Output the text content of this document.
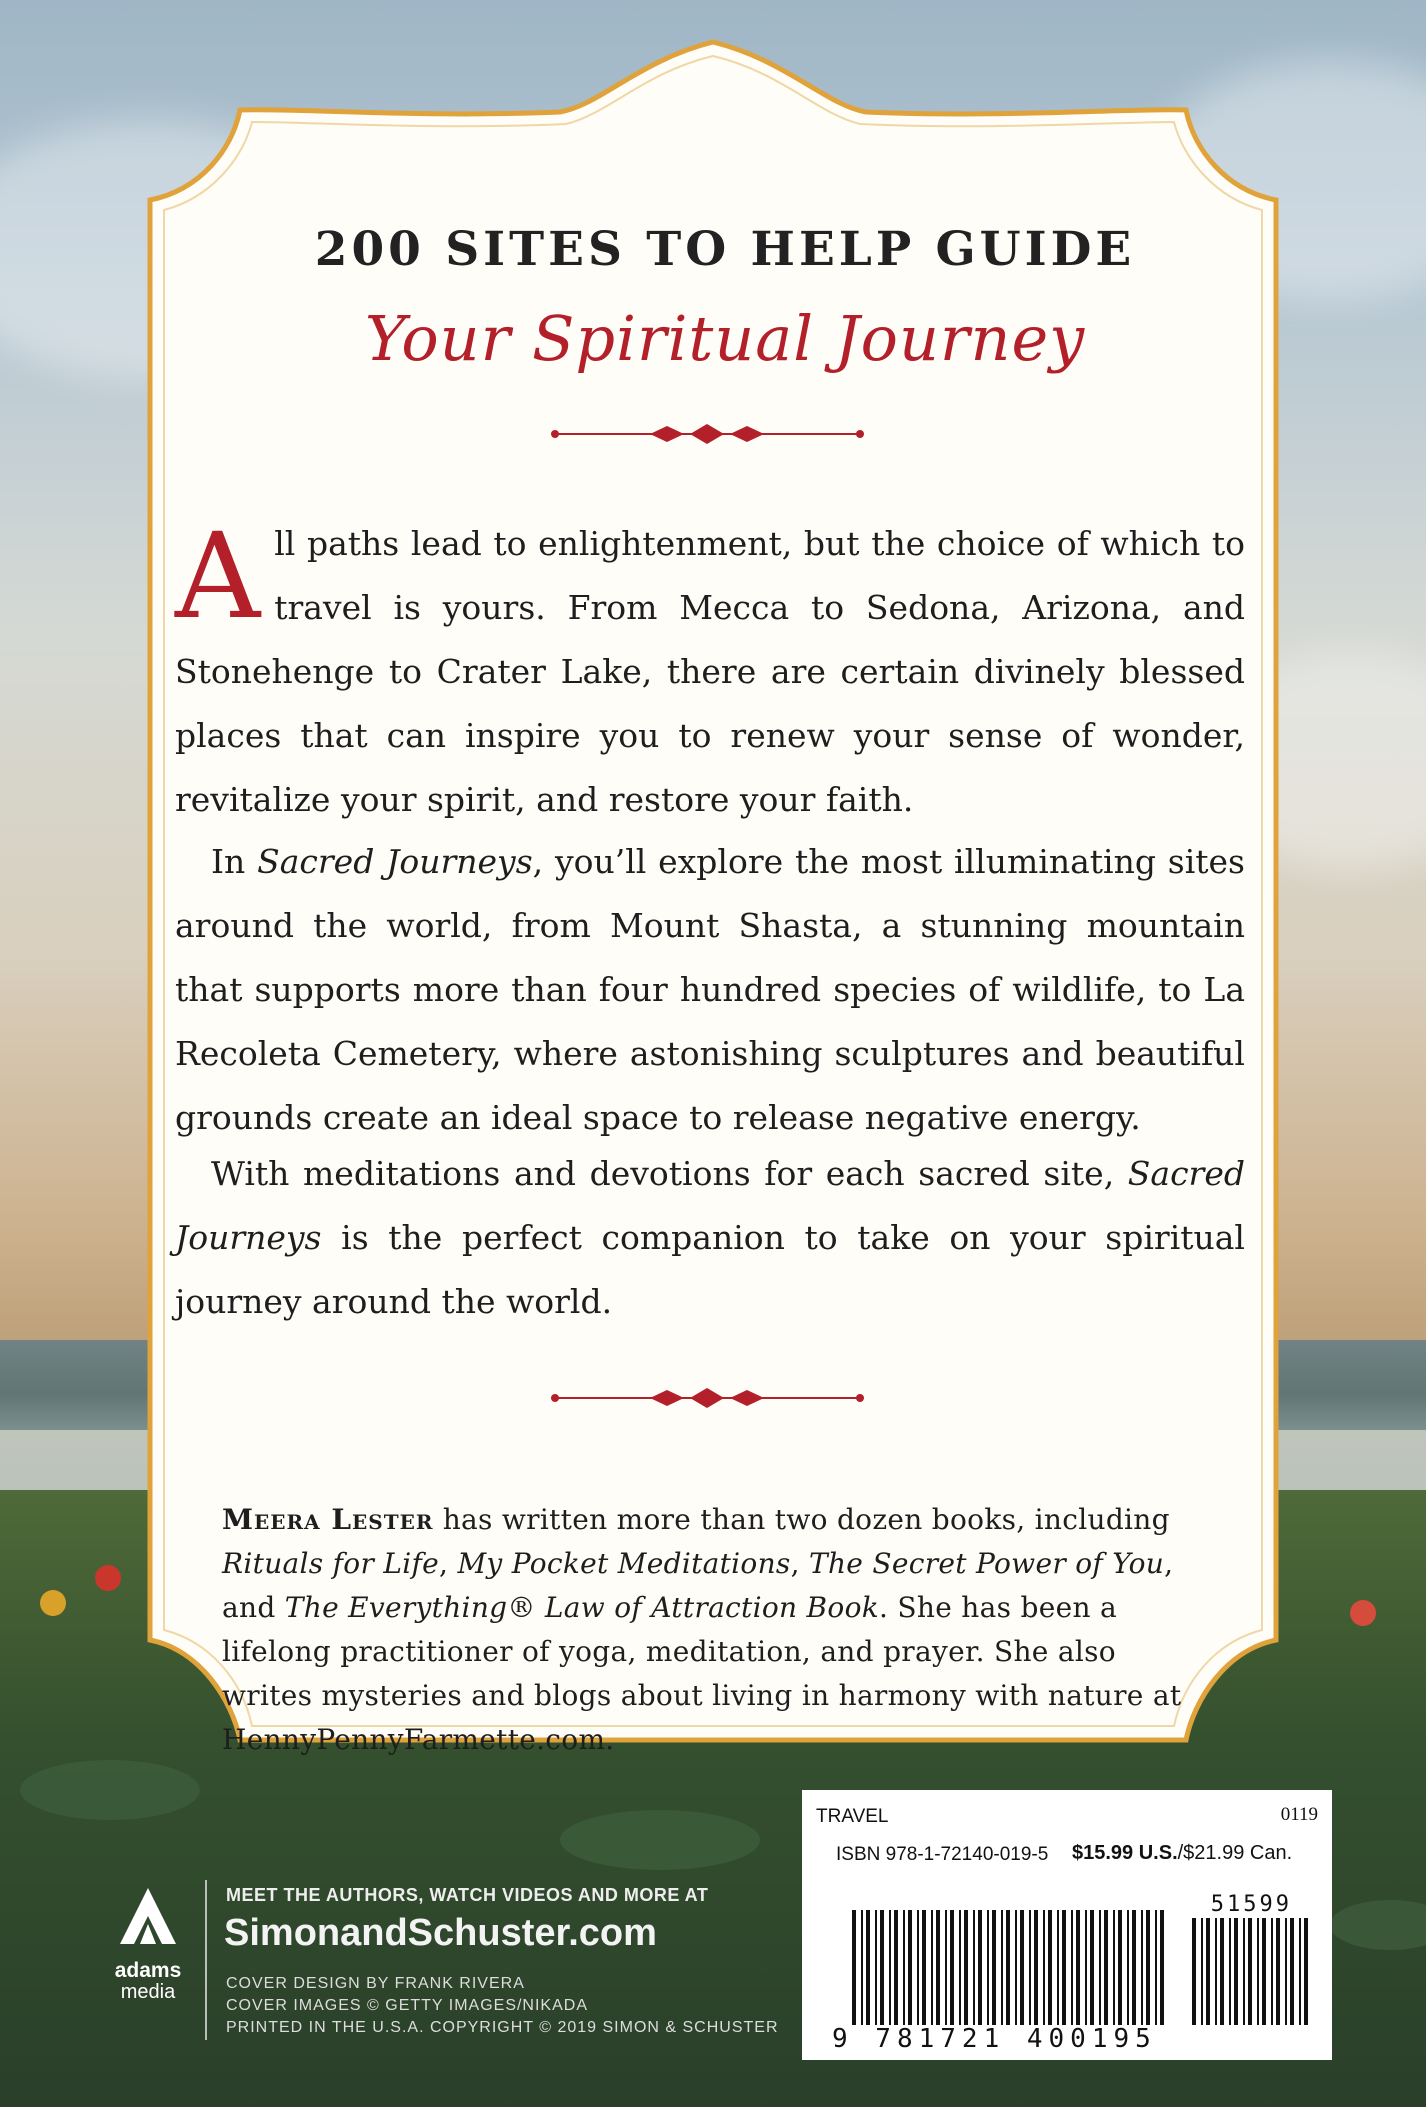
200 SITES TO HELP GUIDE
Your Spiritual Journey
All paths lead to enlightenment, but the choice of which to travel is yours. From Mecca to Sedona, Arizona, and Stonehenge to Crater Lake, there are certain divinely blessed places that can inspire you to renew your sense of wonder, revitalize your spirit, and restore your faith.
In Sacred Journeys, you’ll explore the most illuminating sites around the world, from Mount Shasta, a stunning mountain that supports more than four hundred species of wildlife, to La Recoleta Cemetery, where astonishing sculptures and beautiful grounds create an ideal space to release negative energy.
With meditations and devotions for each sacred site, Sacred Journeys is the perfect companion to take on your spiritual journey around the world.
Meera Lester has written more than two dozen books, including Rituals for Life, My Pocket Meditations, The Secret Power of You, and The Everything® Law of Attraction Book. She has been a lifelong practitioner of yoga, meditation, and prayer. She also writes mysteries and blogs about living in harmony with nature at HennyPennyFarmette.com.
adams
media
MEET THE AUTHORS, WATCH VIDEOS AND MORE AT
SimonandSchuster.com
COVER DESIGN BY FRANK RIVERA
COVER IMAGES © GETTY IMAGES/NIKADA
PRINTED IN THE U.S.A. COPYRIGHT © 2019 SIMON & SCHUSTER
TRAVEL	0119
ISBN 978-1-72140-019-5 $15.99 U.S./$21.99 Can.
51599
9 781721 400195
